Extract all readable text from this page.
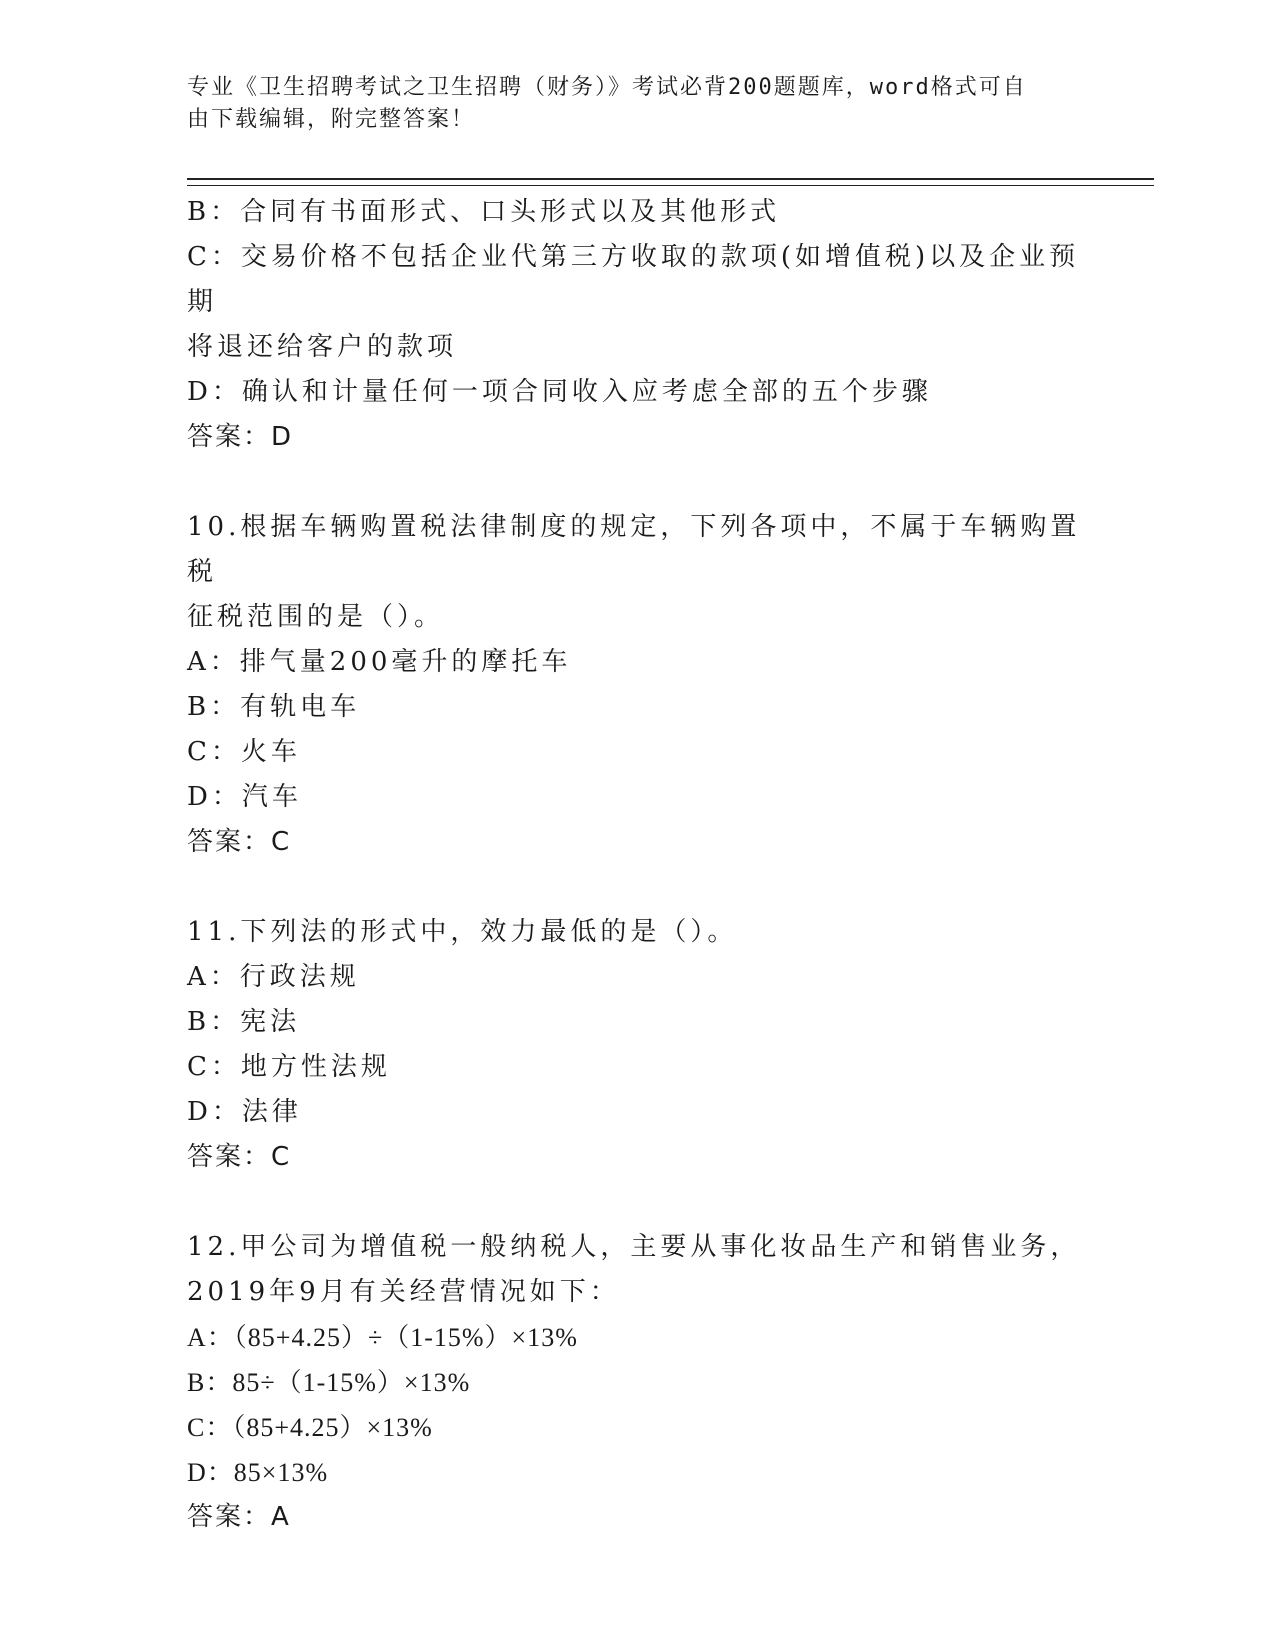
专业《卫生招聘考试之卫生招聘（财务）》考试必背200题题库，word格式可自

由下载编辑，附完整答案！

B：合同有书面形式、口头形式以及其他形式

C：交易价格不包括企业代第三方收取的款项(如增值税)以及企业预期

将退还给客户的款项

D：确认和计量任何一项合同收入应考虑全部的五个步骤

答案：D

10.根据车辆购置税法律制度的规定，下列各项中，不属于车辆购置税

征税范围的是（）。

A：排气量200毫升的摩托车

B：有轨电车

C：火车

D：汽车

答案：C

11.下列法的形式中，效力最低的是（）。

A：行政法规

B：宪法

C：地方性法规

D：法律

答案：C

12.甲公司为增值税一般纳税人，主要从事化妆品生产和销售业务，

2019年9月有关经营情况如下：

A：（85+4.25）÷（1-15%）×13%

B：85÷（1-15%）×13%

C：（85+4.25）×13%

D：85×13%

答案：A
